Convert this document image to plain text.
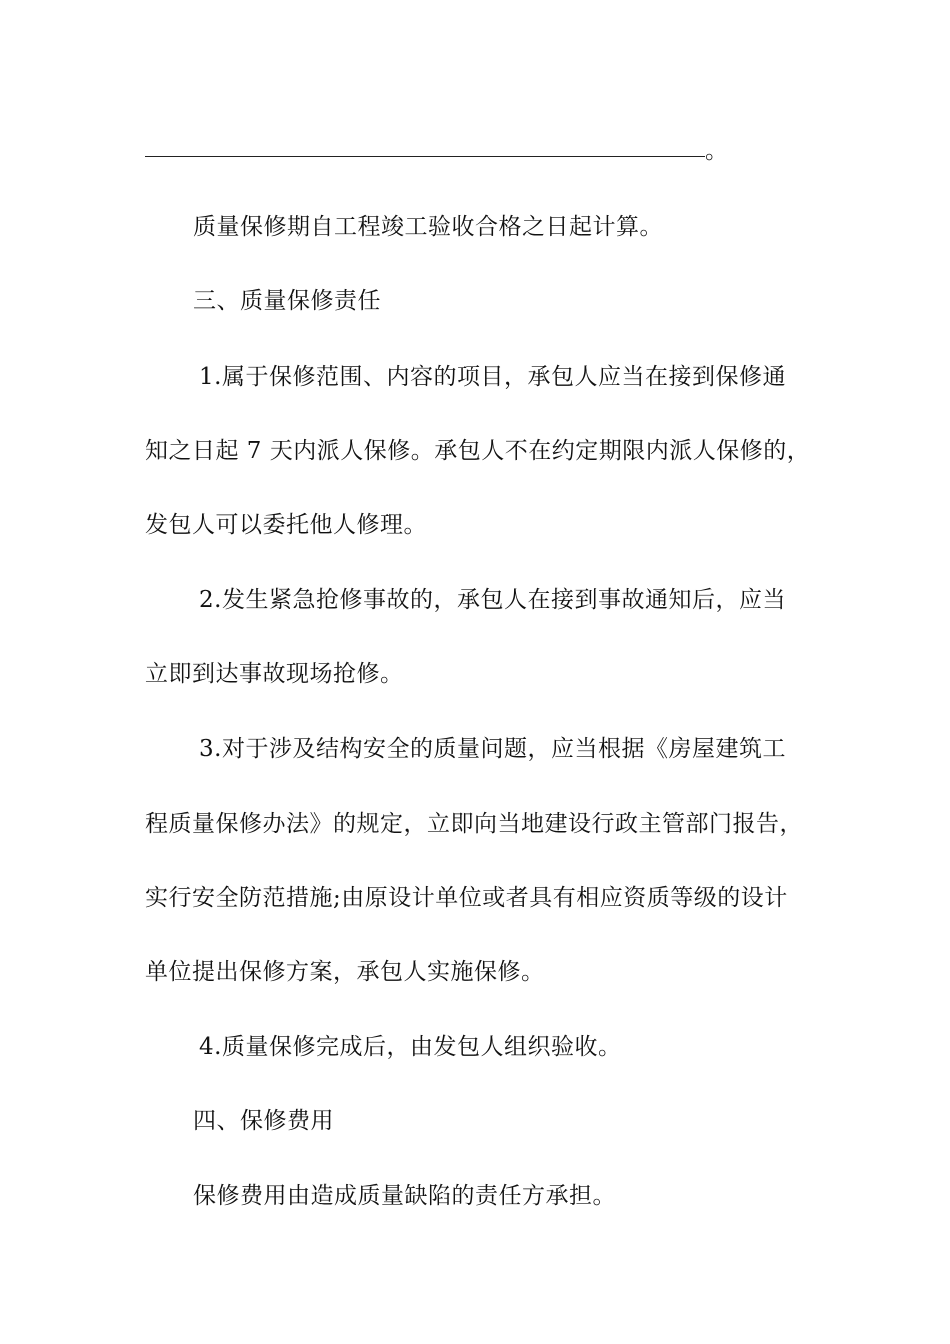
。
质量保修期自工程竣工验收合格之日起计算。
三、质量保修责任
1.属于保修范围、内容的项目，承包人应当在接到保修通
知之日起 7 天内派人保修。承包人不在约定期限内派人保修的，
发包人可以委托他人修理。
2.发生紧急抢修事故的，承包人在接到事故通知后，应当
立即到达事故现场抢修。
3.对于涉及结构安全的质量问题，应当根据《房屋建筑工
程质量保修办法》的规定，立即向当地建设行政主管部门报告，
实行安全防范措施;由原设计单位或者具有相应资质等级的设计
单位提出保修方案，承包人实施保修。
4.质量保修完成后，由发包人组织验收。
四、保修费用
保修费用由造成质量缺陷的责任方承担。
